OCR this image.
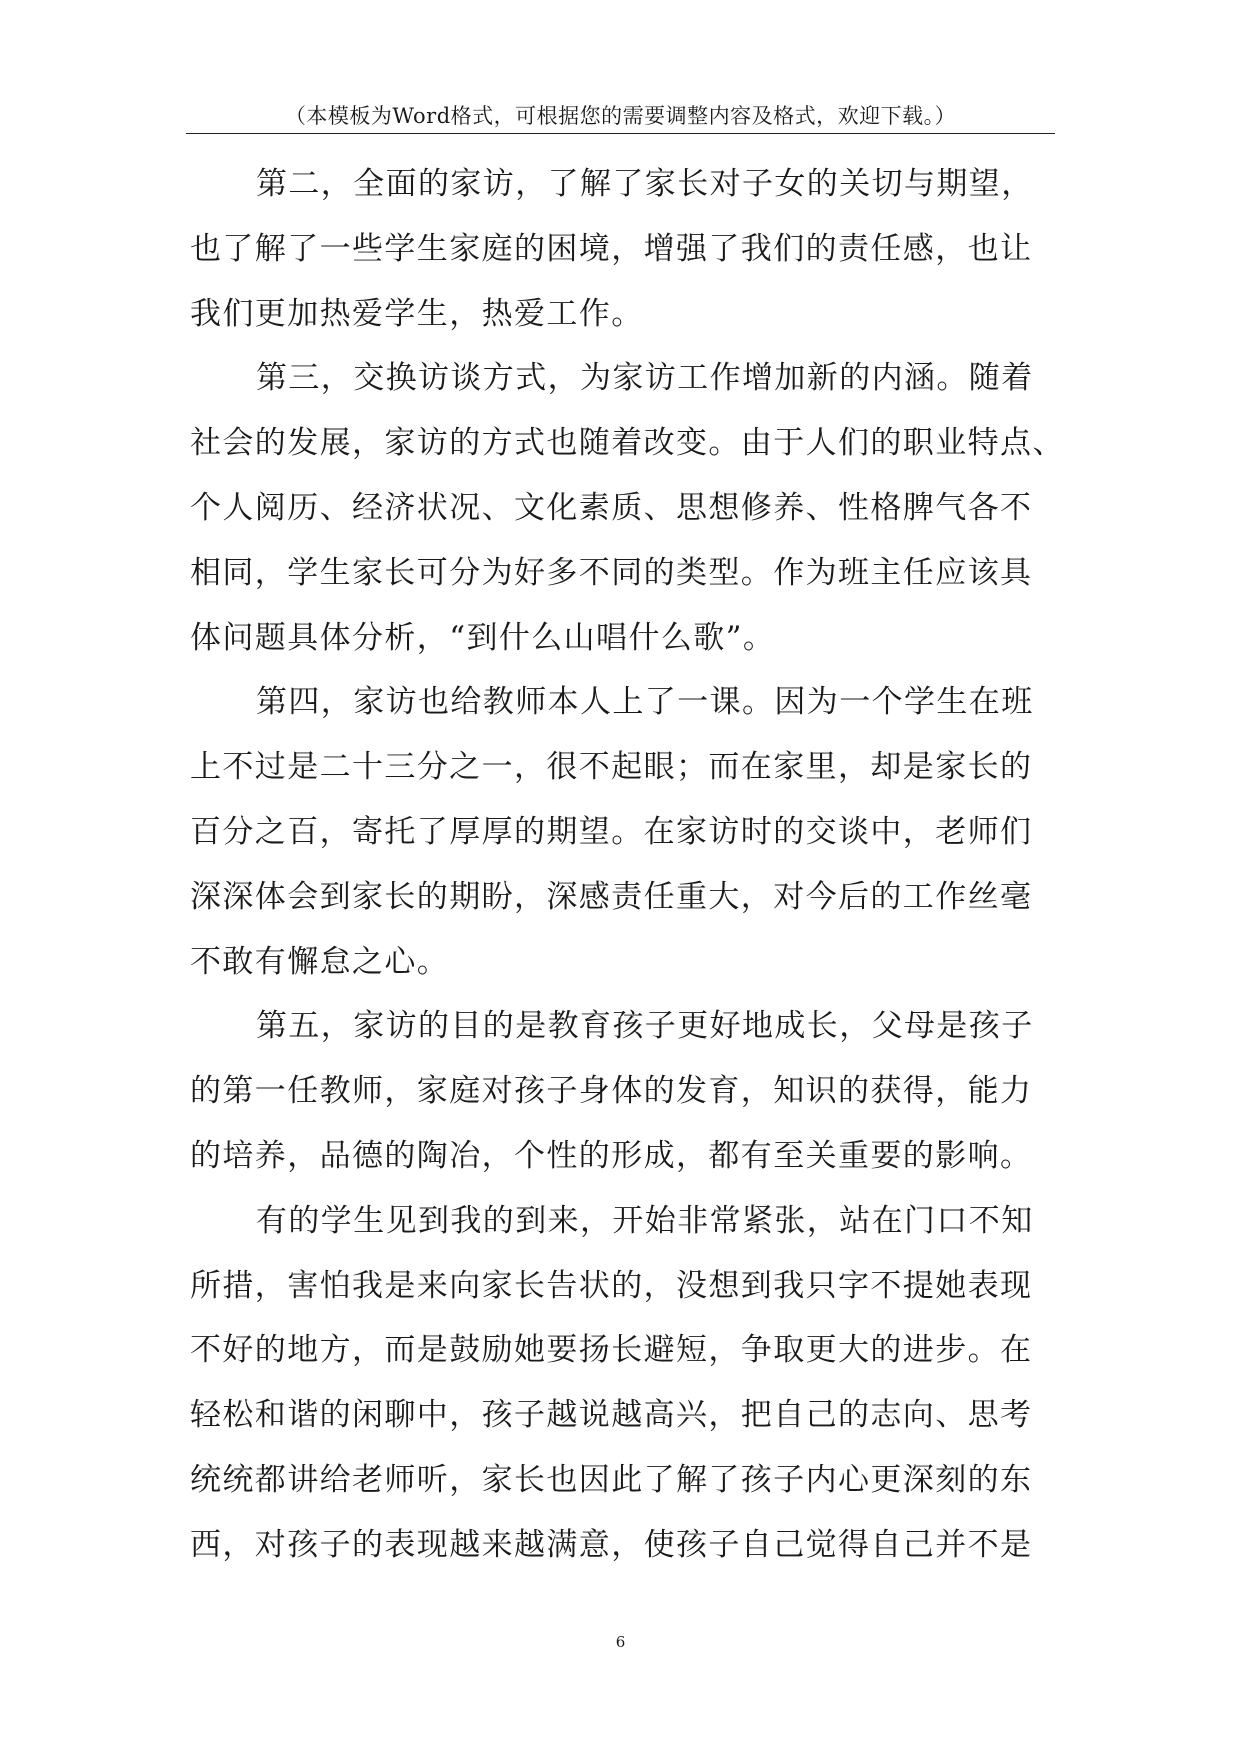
（本模板为Word格式，可根据您的需要调整内容及格式，欢迎下载。）
第二，全面的家访，了解了家长对子女的关切与期望，
也了解了一些学生家庭的困境，增强了我们的责任感，也让
我们更加热爱学生，热爱工作。
第三，交换访谈方式，为家访工作增加新的内涵。随着
社会的发展，家访的方式也随着改变。由于人们的职业特点、
个人阅历、经济状况、文化素质、思想修养、性格脾气各不
相同，学生家长可分为好多不同的类型。作为班主任应该具
体问题具体分析，“到什么山唱什么歌”。
第四，家访也给教师本人上了一课。因为一个学生在班
上不过是二十三分之一，很不起眼；而在家里，却是家长的
百分之百，寄托了厚厚的期望。在家访时的交谈中，老师们
深深体会到家长的期盼，深感责任重大，对今后的工作丝毫
不敢有懈怠之心。
第五，家访的目的是教育孩子更好地成长，父母是孩子
的第一任教师，家庭对孩子身体的发育，知识的获得，能力
的培养，品德的陶冶，个性的形成，都有至关重要的影响。
有的学生见到我的到来，开始非常紧张，站在门口不知
所措，害怕我是来向家长告状的，没想到我只字不提她表现
不好的地方，而是鼓励她要扬长避短，争取更大的进步。在
轻松和谐的闲聊中，孩子越说越高兴，把自己的志向、思考
统统都讲给老师听，家长也因此了解了孩子内心更深刻的东
西，对孩子的表现越来越满意，使孩子自己觉得自己并不是
6
